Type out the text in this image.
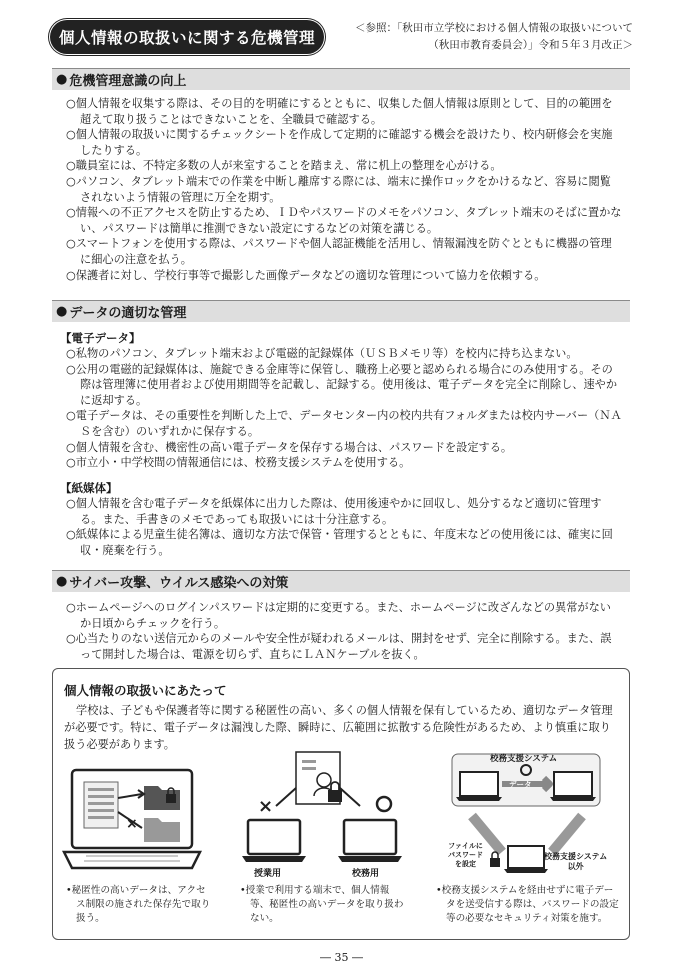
個人情報の取扱いに関する危機管理
＜参照：「秋田市立学校における個人情報の取扱いについて
（秋田市教育委員会）」令和５年３月改正＞
● 危機管理意識の向上

○個人情報を収集する際は、その目的を明確にするとともに、収集した個人情報は原則として、目的の範囲を超えて取り扱うことはできないことを、全職員で確認する。

○個人情報の取扱いに関するチェックシートを作成して定期的に確認する機会を設けたり、校内研修会を実施したりする。

○職員室には、不特定多数の人が来室することを踏まえ、常に机上の整理を心がける。

○パソコン、タブレット端末での作業を中断し離席する際には、端末に操作ロックをかけるなど、容易に閲覧されないよう情報の管理に万全を期す。

○情報への不正アクセスを防止するため、ＩＤやパスワードのメモをパソコン、タブレット端末のそばに置かない、パスワードは簡単に推測できない設定にするなどの対策を講じる。

○スマートフォンを使用する際は、パスワードや個人認証機能を活用し、情報漏洩を防ぐとともに機器の管理に細心の注意を払う。

○保護者に対し、学校行事等で撮影した画像データなどの適切な管理について協力を依頼する。

● データの適切な管理
【電子データ】

○私物のパソコン、タブレット端末および電磁的記録媒体（ＵＳＢメモリ等）を校内に持ち込まない。

○公用の電磁的記録媒体は、施錠できる金庫等に保管し、職務上必要と認められる場合にのみ使用する。その際は管理簿に使用者および使用期間等を記載し、記録する。使用後は、電子データを完全に削除し、速やかに返却する。

○電子データは、その重要性を判断した上で、データセンター内の校内共有フォルダまたは校内サーバー（ＮＡＳを含む）のいずれかに保存する。

○個人情報を含む、機密性の高い電子データを保存する場合は、パスワードを設定する。

○市立小・中学校間の情報通信には、校務支援システムを使用する。

【紙媒体】

○個人情報を含む電子データを紙媒体に出力した際は、使用後速やかに回収し、処分するなど適切に管理する。また、手書きのメモであっても取扱いには十分注意する。

○紙媒体による児童生徒名簿は、適切な方法で保管・管理するとともに、年度末などの使用後には、確実に回収・廃棄を行う。

● サイバー攻撃、ウイルス感染への対策

○ホームページへのログインパスワードは定期的に変更する。また、ホームページに改ざんなどの異常がないか日頃からチェックを行う。

○心当たりのない送信元からのメールや安全性が疑われるメールは、開封をせず、完全に削除する。また、誤って開封した場合は、電源を切らず、直ちにＬＡＮケーブルを抜く。

個人情報の取扱いにあたって
学校は、子どもや保護者等に関する秘匿性の高い、多くの個人情報を保有しているため、適切なデータ管理が必要です。特に、電子データは漏洩した際、瞬時に、広範囲に拡散する危険性があるため、より慎重に取り扱う必要があります。
×
×
授業用	校務用
校務支援システム
データ
ファイルに
パスワード
を設定
校務支援システム
以外
•秘匿性の高いデータは、アクセス制限の施された保存先で取り扱う。
•授業で利用する端末で、個人情報等、秘匿性の高いデータを取り扱わない。
•校務支援システムを経由せずに電子データを送受信する際は、パスワードの設定等の必要なセキュリティ対策を施す。
― 35 ―
